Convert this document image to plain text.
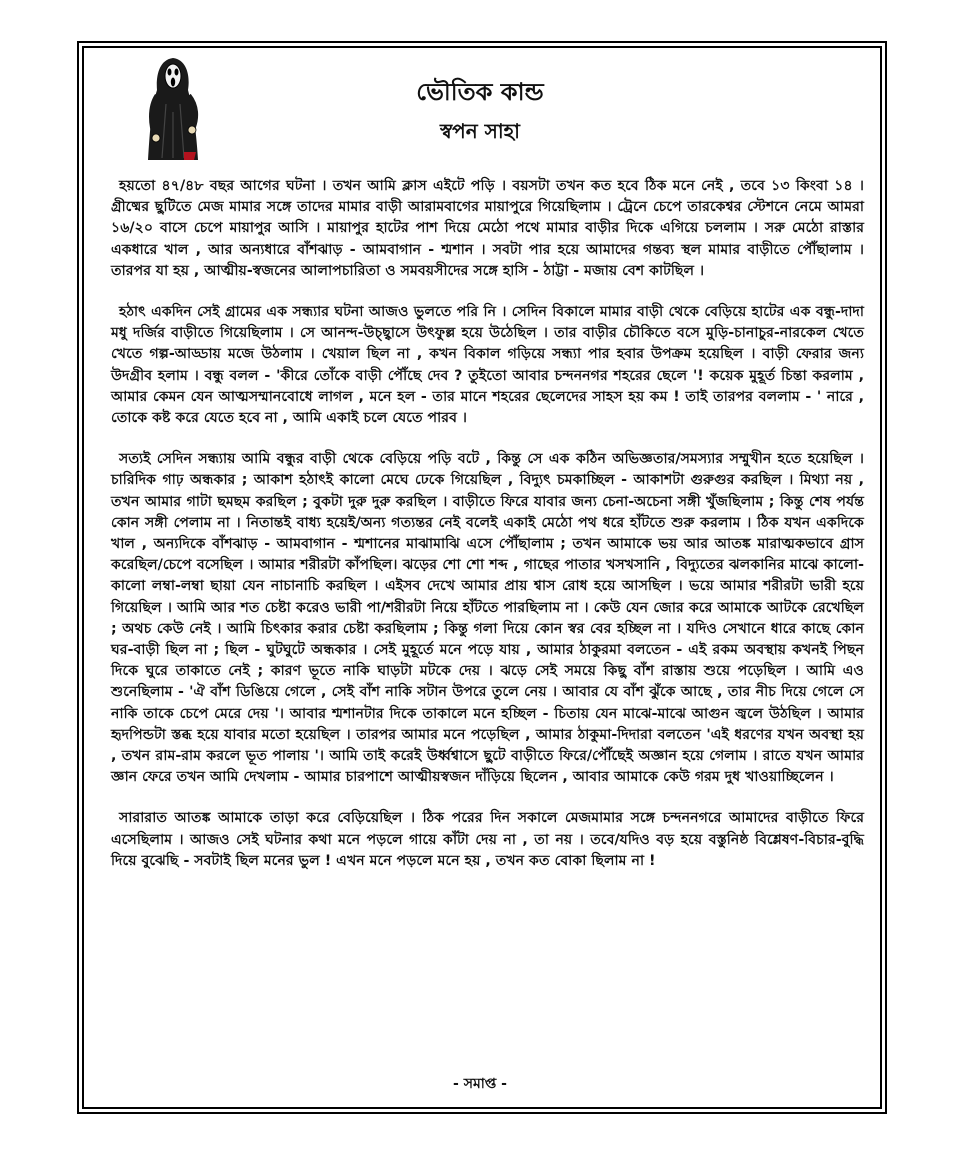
ভৌতিক কান্ড
স্বপন সাহা

হয়তো ৪৭/৪৮ বছর আগের ঘটনা । তখন আমি ক্লাস এইটে পড়ি । বয়সটা তখন কত হবে ঠিক মনে নেই , তবে ১৩ কিংবা ১৪ । গ্রীষ্মের ছুটিতে মেজ মামার সঙ্গে তাদের মামার বাড়ী আরামবাগের মায়াপুরে গিয়েছিলাম । ট্রেনে চেপে তারকেশ্বর স্টেশনে নেমে আমরা ১৬/২০ বাসে চেপে মায়াপুর আসি । মায়াপুর হাটের পাশ দিয়ে মেঠো পথে মামার বাড়ীর দিকে এগিয়ে চললাম । সরু মেঠো রাস্তার একধারে খাল , আর অন্যধারে বাঁশঝাড় - আমবাগান - শ্মশান । সবটা পার হয়ে আমাদের গন্তব্য স্থল মামার বাড়ীতে পৌঁছালাম । তারপর যা হয় , আত্মীয়-স্বজনের আলাপচারিতা ও সমবয়সীদের সঙ্গে হাসি - ঠাট্টা - মজায় বেশ কাটছিল ।

হঠাৎ একদিন সেই গ্রামের এক সন্ধ্যার ঘটনা আজও ভুলতে পরি নি । সেদিন বিকালে মামার বাড়ী থেকে বেড়িয়ে হাটের এক বন্ধু-দাদা মধু দর্জির বাড়ীতে গিয়েছিলাম । সে আনন্দ-উচ্ছ্বাসে উৎফুল্ল হয়ে উঠেছিল । তার বাড়ীর চৌকিতে বসে মুড়ি-চানাচুর-নারকেল খেতে খেতে গল্প-আড্ডায় মজে উঠলাম । খেয়াল ছিল না , কখন বিকাল গড়িয়ে সন্ধ্যা পার হবার উপক্রম হয়েছিল । বাড়ী ফেরার জন্য উদগ্রীব হলাম । বন্ধু বলল - 'কীরে তোঁকে বাড়ী পৌঁছে দেব ? তুইতো আবার চন্দননগর শহরের ছেলে '! কয়েক মুহূর্ত চিন্তা করলাম , আমার কেমন যেন আত্মসম্মানবোধে লাগল , মনে হল - তার মানে শহরের ছেলেদের সাহস হয় কম ! তাই তারপর বললাম - ' নারে , তোকে কষ্ট করে যেতে হবে না , আমি একাই চলে যেতে পারব ।

সত্যই সেদিন সন্ধ্যায় আমি বন্ধুর বাড়ী থেকে বেড়িয়ে পড়ি বটে , কিন্তু সে এক কঠিন অভিজ্ঞতার/সমস্যার সম্মুখীন হতে হয়েছিল । চারিদিক গাঢ় অন্ধকার ; আকাশ হঠাৎই কালো মেঘে ঢেকে গিয়েছিল , বিদ্যুৎ চমকাচ্ছিল - আকাশটা গুরুগুর করছিল । মিথ্যা নয় , তখন আমার গাটা ছমছম করছিল ; বুকটা দুরু দুরু করছিল । বাড়ীতে ফিরে যাবার জন্য চেনা-অচেনা সঙ্গী খুঁজছিলাম ; কিন্তু শেষ পর্যন্ত কোন সঙ্গী পেলাম না । নিতান্তই বাধ্য হয়েই/অন্য গত্যন্তর নেই বলেই একাই মেঠো পথ ধরে হাঁটতে শুরু করলাম । ঠিক যখন একদিকে খাল , অন্যদিকে বাঁশঝাড় - আমবাগান - শ্মশানের মাঝামাঝি এসে পৌঁছালাম ; তখন আমাকে ভয় আর আতঙ্ক মারাত্মকভাবে গ্রাস করেছিল/চেপে বসেছিল । আমার শরীরটা কাঁপছিল। ঝড়ের শো শো শব্দ , গাছের পাতার খসখসানি , বিদ্যুতের ঝলকানির মাঝে কালো-কালো লম্বা-লম্বা ছায়া যেন নাচানাচি করছিল । এইসব দেখে আমার প্রায় শ্বাস রোধ হয়ে আসছিল । ভয়ে আমার শরীরটা ভারী হয়ে গিয়েছিল । আমি আর শত চেষ্টা করেও ভারী পা/শরীরটা নিয়ে হাঁটতে পারছিলাম না । কেউ যেন জোর করে আমাকে আটকে রেখেছিল ; অথচ কেউ নেই । আমি চিৎকার করার চেষ্টা করছিলাম ; কিন্তু গলা দিয়ে কোন স্বর বের হচ্ছিল না । যদিও সেখানে ধারে কাছে কোন ঘর-বাড়ী ছিল না ; ছিল - ঘুটঘুটে অন্ধকার । সেই মুহূর্তে মনে পড়ে যায় , আমার ঠাকুরমা বলতেন - এই রকম অবস্থায় কখনই পিছন দিকে ঘুরে তাকাতে নেই ; কারণ ভূতে নাকি ঘাড়টা মটকে দেয় । ঝড়ে সেই সময়ে কিছু বাঁশ রাস্তায় শুয়ে পড়েছিল । আমি এও শুনেছিলাম - 'ঐ বাঁশ ডিঙিয়ে গেলে , সেই বাঁশ নাকি সটান উপরে তুলে নেয় । আবার যে বাঁশ ঝুঁকে আছে , তার নীচ দিয়ে গেলে সে নাকি তাকে চেপে মেরে দেয় '। আবার শ্মশানটার দিকে তাকালে মনে হচ্ছিল - চিতায় যেন মাঝে-মাঝে আগুন জ্বলে উঠছিল । আমার হৃদপিন্ডটা স্তব্ধ হয়ে যাবার মতো হয়েছিল । তারপর আমার মনে পড়েছিল , আমার ঠাকুমা-দিদারা বলতেন 'এই ধরণের যখন অবস্থা হয় , তখন রাম-রাম করলে ভূত পালায় '। আমি তাই করেই উর্ধ্বশ্বাসে ছুটে বাড়ীতে ফিরে/পৌঁছেই অজ্ঞান হয়ে গেলাম । রাতে যখন আমার জ্ঞান ফেরে তখন আমি দেখলাম - আমার চারপাশে আত্মীয়স্বজন দাঁড়িয়ে ছিলেন , আবার আমাকে কেউ গরম দুধ খাওয়াচ্ছিলেন ।

সারারাত আতঙ্ক আমাকে তাড়া করে বেড়িয়েছিল । ঠিক পরের দিন সকালে মেজমামার সঙ্গে চন্দননগরে আমাদের বাড়ীতে ফিরে এসেছিলাম । আজও সেই ঘটনার কথা মনে পড়লে গায়ে কাঁটা দেয় না , তা নয় । তবে/যদিও বড় হয়ে বস্তুনিষ্ঠ বিশ্লেষণ-বিচার-বুদ্ধি দিয়ে বুঝেছি - সবটাই ছিল মনের ভুল ! এখন মনে পড়লে মনে হয় , তখন কত বোকা ছিলাম না !

- সমাপ্ত -
